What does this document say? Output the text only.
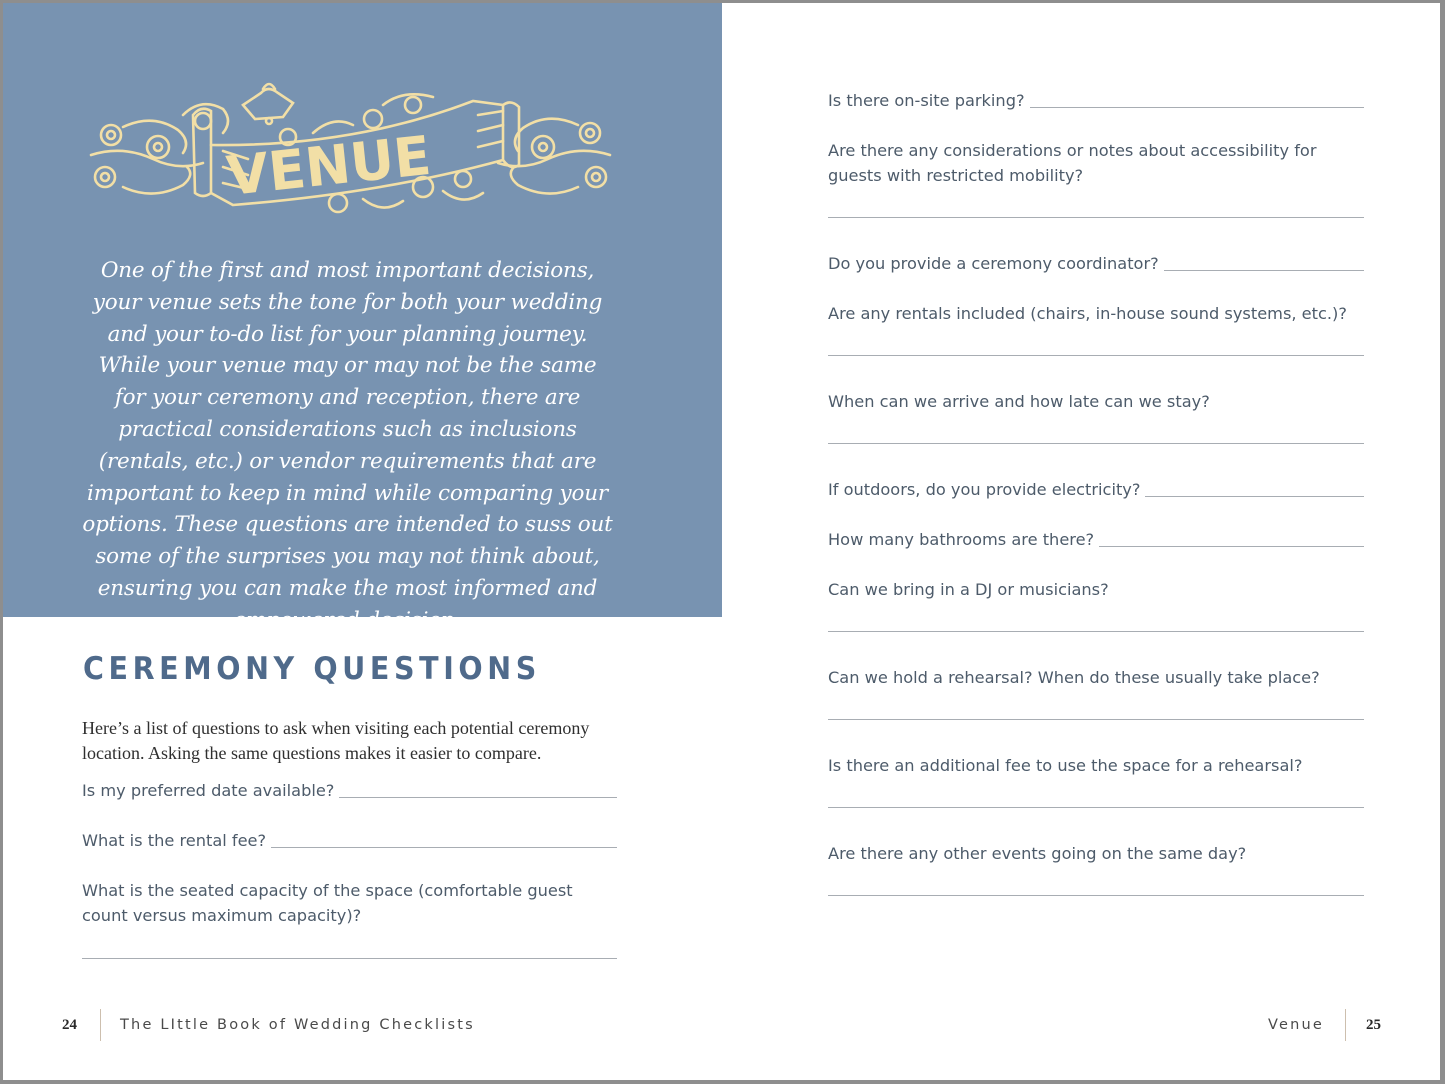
VENUE

One of the first and most important decisions, your venue sets the tone for both your wedding and your to-do list for your planning journey. While your venue may or may not be the same for your ceremony and reception, there are practical considerations such as inclusions (rentals, etc.) or vendor requirements that are important to keep in mind while comparing your options. These questions are intended to suss out some of the surprises you may not think about, ensuring you can make the most informed and empowered decision.

CEREMONY QUESTIONS

Here’s a list of questions to ask when visiting each potential ceremony location. Asking the same questions makes it easier to compare.

Is my preferred date available?
What is the rental fee?
What is the seated capacity of the space (comfortable guest count versus maximum capacity)?
24	The LIttle Book of Wedding Checklists
Is there on-site parking?
Are there any considerations or notes about accessibility for guests with restricted mobility?
Do you provide a ceremony coordinator?
Are any rentals included (chairs, in-house sound systems, etc.)?
When can we arrive and how late can we stay?
If outdoors, do you provide electricity?
How many bathrooms are there?
Can we bring in a DJ or musicians?
Can we hold a rehearsal? When do these usually take place?
Is there an additional fee to use the space for a rehearsal?
Are there any other events going on the same day?
Venue	25
